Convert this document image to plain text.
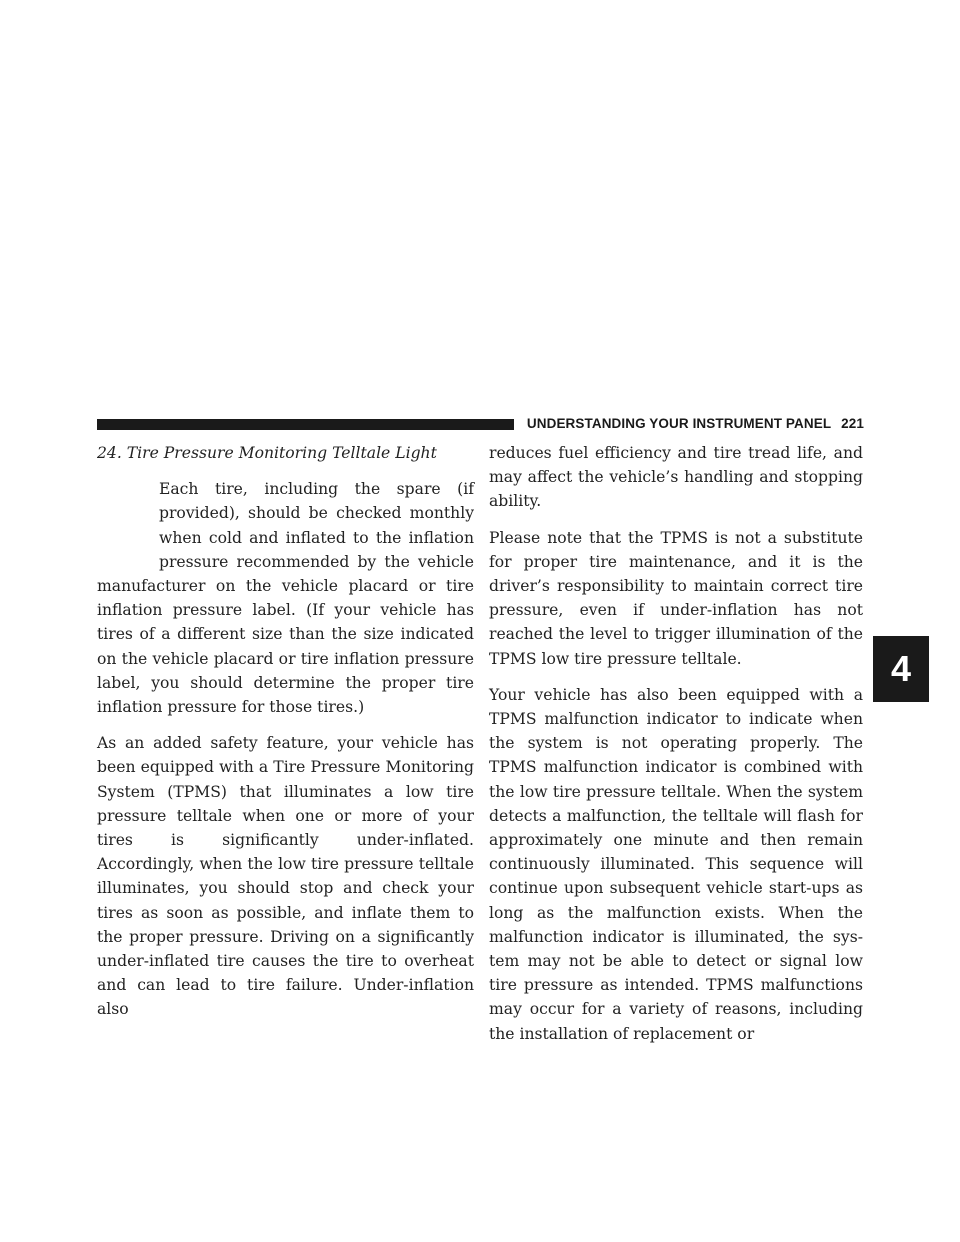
UNDERSTANDING YOUR INSTRUMENT PANEL 221
4

24. Tire Pressure Monitoring Telltale Light

Each tire, including the spare (if provided), should be checked monthly when cold and inflated to the inflation pressure recommended by the vehicle manufacturer on the vehicle placard or tire inflation pressure label. (If your vehicle has tires of a different size than the size indicated on the vehicle placard or tire inflation pressure label, you should determine the proper tire inflation pressure for those tires.)

As an added safety feature, your vehicle has been equipped with a Tire Pressure Monitoring System (TPMS) that illuminates a low tire pressure telltale when one or more of your tires is significantly under-inflated. Accordingly, when the low tire pressure telltale illuminates, you should stop and check your tires as soon as possible, and inflate them to the proper pressure. Driving on a significantly under-inflated tire causes the tire to overheat and can lead to tire failure. Under-inflation also

reduces fuel efficiency and tire tread life, and may affect the vehicle’s handling and stopping ability.

Please note that the TPMS is not a substitute for proper tire maintenance, and it is the driver’s responsibility to maintain correct tire pressure, even if under-inflation has not reached the level to trigger illumination of the TPMS low tire pressure telltale.

Your vehicle has also been equipped with a TPMS malfunction indicator to indicate when the system is not operating properly. The TPMS malfunction indicator is combined with the low tire pressure telltale. When the system detects a malfunction, the telltale will flash for approximately one minute and then remain continuously illuminated. This sequence will continue upon subsequent vehicle start-ups as long as the malfunction exists. When the malfunction indicator is illuminated, the system may not be able to detect or signal low tire pressure as intended. TPMS malfunctions may occur for a variety of reasons, including the installation of replacement or
